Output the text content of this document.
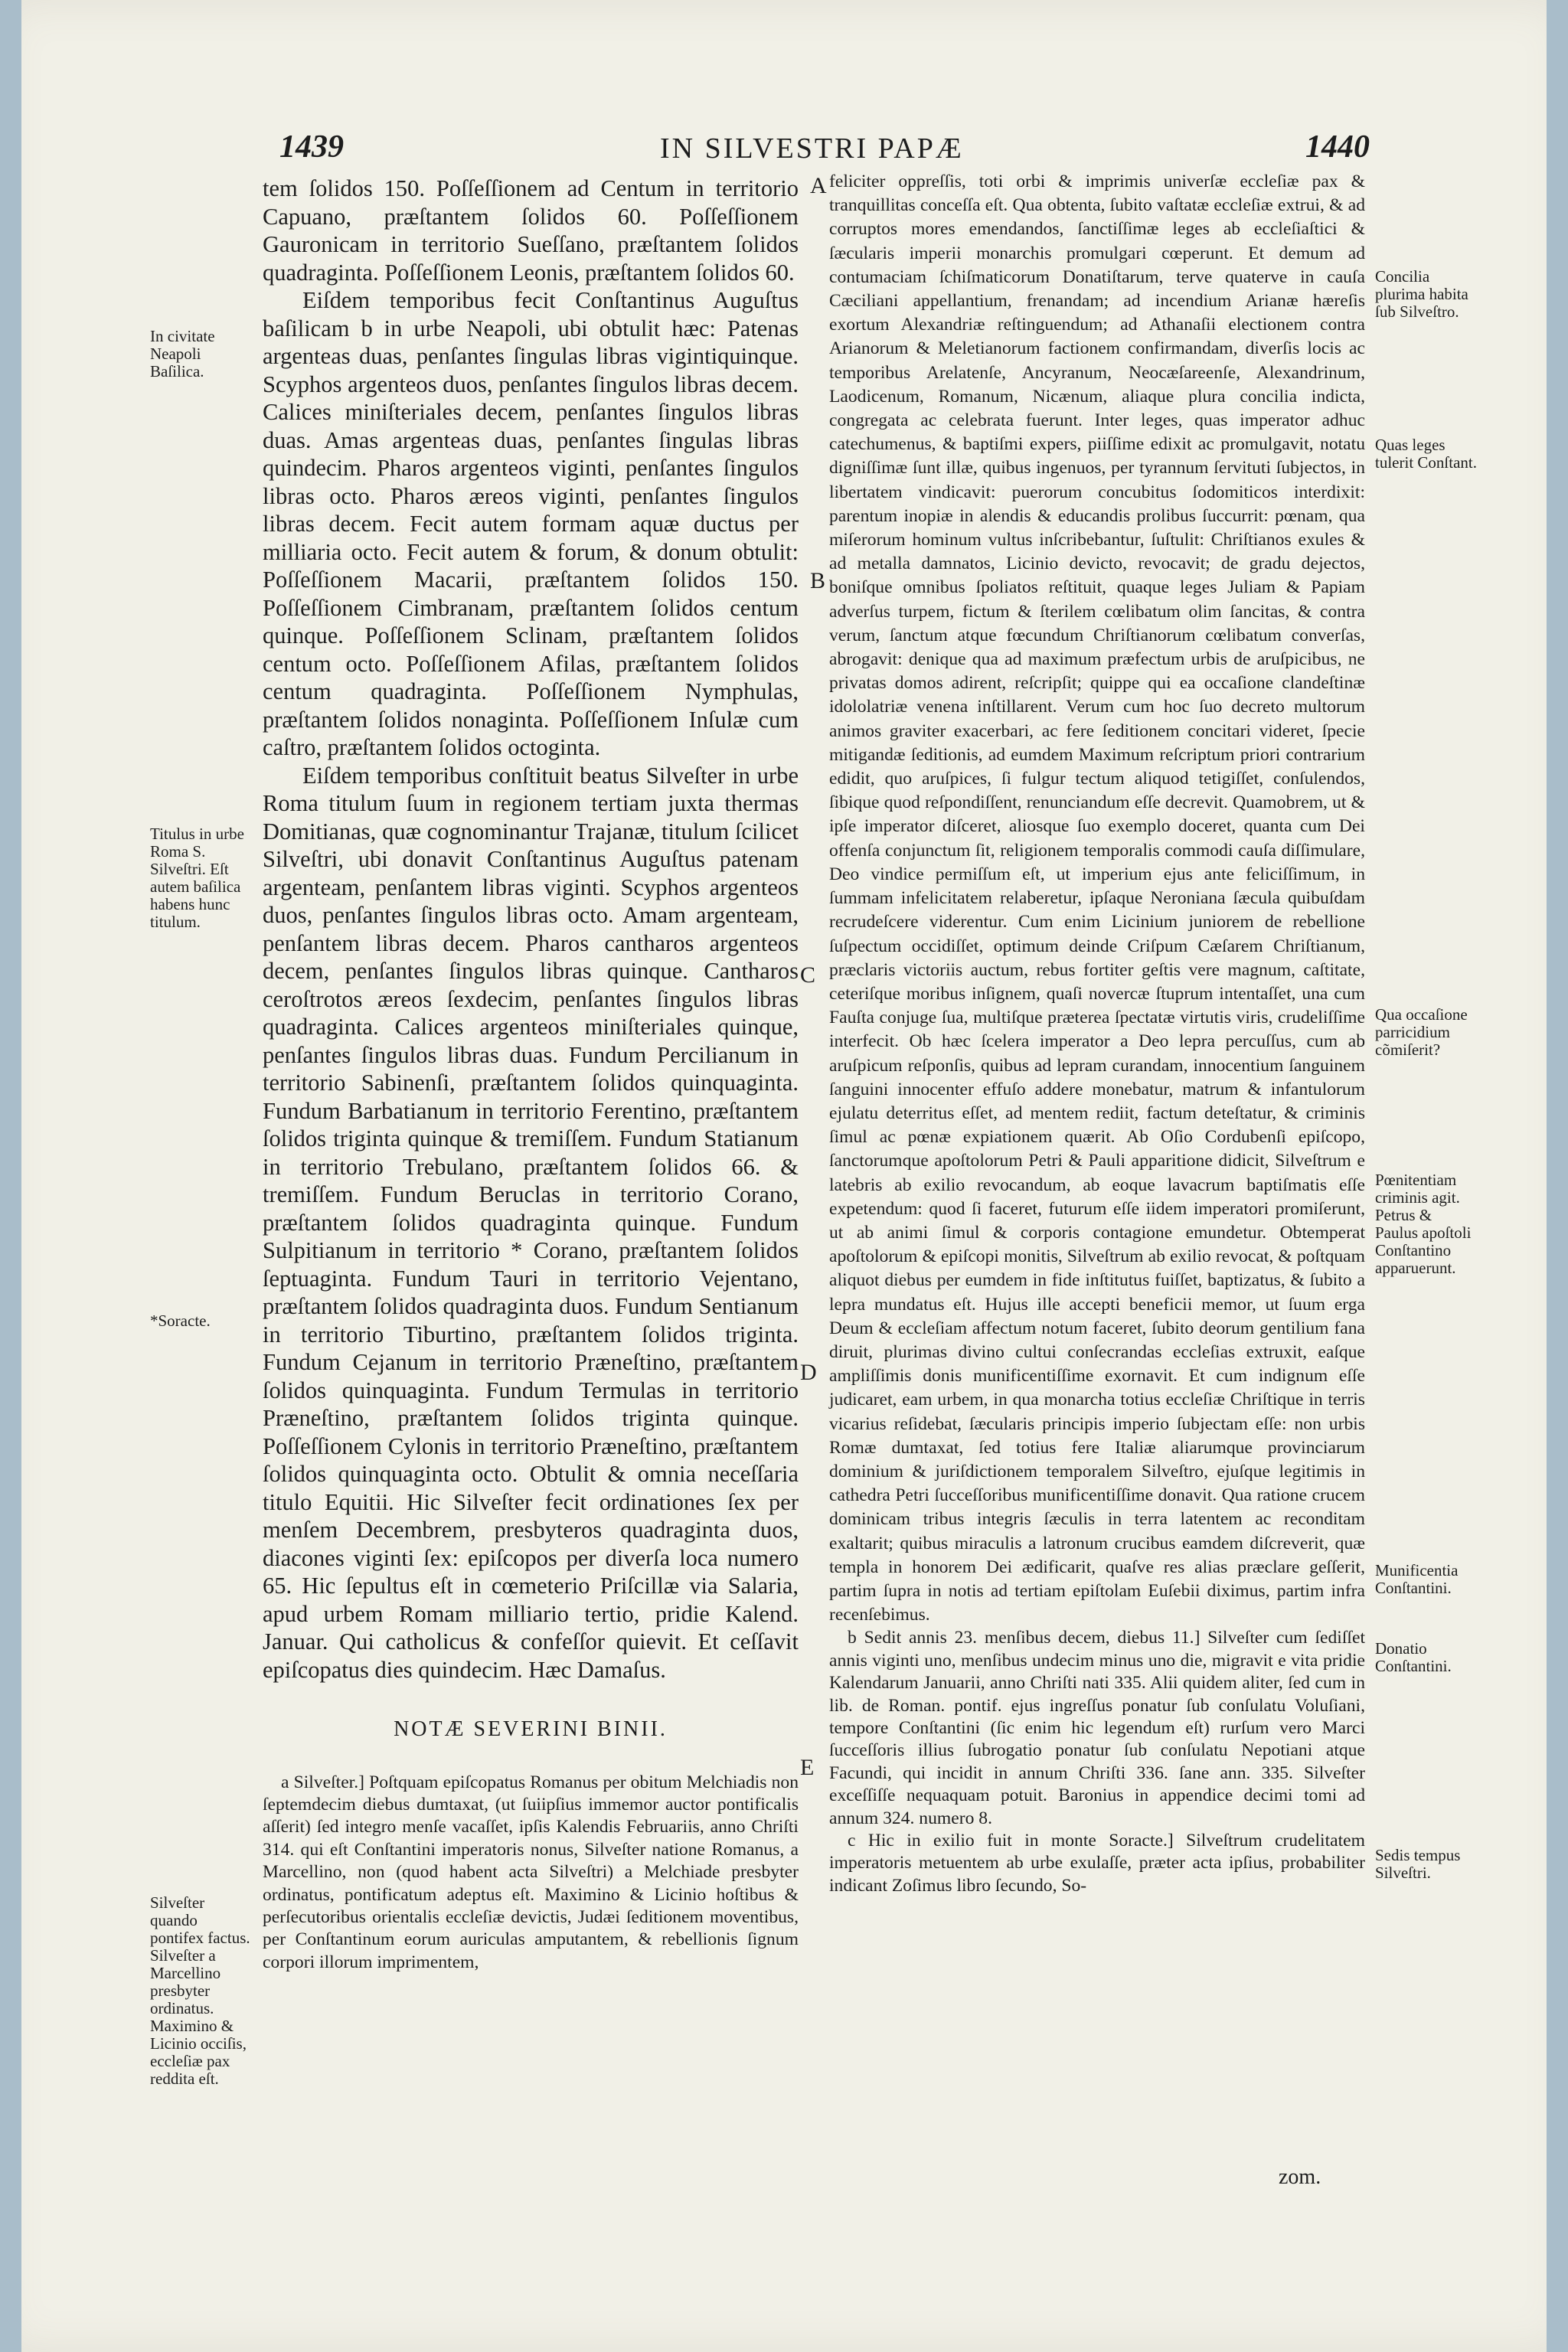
1439	IN SILVESTRI PAPÆ	1440
In civitate Neapoli Baſilica.
Titulus in urbe Roma S. Silveſtri. Eſt autem baſilica habens hunc titulum.
*Soracte.
Silveſter quando pontifex factus. Silveſter a Marcellino presbyter ordinatus. Maximino & Licinio occiſis, eccleſiæ pax reddita eſt.
Concilia plurima habita ſub Silveſtro.
Quas leges tulerit Conſtant.
Qua occaſione parricidium cõmiſerit?
Pœnitentiam criminis agit. Petrus & Paulus apoſtoli Conſtantino apparuerunt.
Munificentia Conſtantini.
Donatio Conſtantini.
Sedis tempus Silveſtri.
A
B
C
D
E

tem ſolidos 150. Poſſeſſionem ad Centum in territorio Capuano, præſtantem ſolidos 60. Poſſeſſionem Gauronicam in territorio Sueſſano, præſtantem ſolidos quadraginta. Poſſeſſionem Leonis, præſtantem ſolidos 60.

Eiſdem temporibus fecit Conſtantinus Auguſtus baſilicam b in urbe Neapoli, ubi obtulit hæc: Patenas argenteas duas, penſantes ſingulas libras vigintiquinque. Scyphos argenteos duos, penſantes ſingulos libras decem. Calices miniſteriales decem, penſantes ſingulos libras duas. Amas argenteas duas, penſantes ſingulas libras quindecim. Pharos argenteos viginti, penſantes ſingulos libras octo. Pharos æreos viginti, penſantes ſingulos libras decem. Fecit autem formam aquæ ductus per milliaria octo. Fecit autem & forum, & donum obtulit: Poſſeſſionem Macarii, præſtantem ſolidos 150. Poſſeſſionem Cimbranam, præſtantem ſolidos centum quinque. Poſſeſſionem Sclinam, præſtantem ſolidos centum octo. Poſſeſſionem Afilas, præſtantem ſolidos centum quadraginta. Poſſeſſionem Nymphulas, præſtantem ſolidos nonaginta. Poſſeſſionem Inſulæ cum caſtro, præſtantem ſolidos octoginta.

Eiſdem temporibus conſtituit beatus Silveſter in urbe Roma titulum ſuum in regionem tertiam juxta thermas Domitianas, quæ cognominantur Trajanæ, titulum ſcilicet Silveſtri, ubi donavit Conſtantinus Auguſtus patenam argenteam, penſantem libras viginti. Scyphos argenteos duos, penſantes ſingulos libras octo. Amam argenteam, penſantem libras decem. Pharos cantharos argenteos decem, penſantes ſingulos libras quinque. Cantharos ceroſtrotos æreos ſexdecim, penſantes ſingulos libras quadraginta. Calices argenteos miniſteriales quinque, penſantes ſingulos libras duas. Fundum Percilianum in territorio Sabinenſi, præſtantem ſolidos quinquaginta. Fundum Barbatianum in territorio Ferentino, præſtantem ſolidos triginta quinque & tremiſſem. Fundum Statianum in territorio Trebulano, præſtantem ſolidos 66. & tremiſſem. Fundum Beruclas in territorio Corano, præſtantem ſolidos quadraginta quinque. Fundum Sulpitianum in territorio * Corano, præſtantem ſolidos ſeptuaginta. Fundum Tauri in territorio Vejentano, præſtantem ſolidos quadraginta duos. Fundum Sentianum in territorio Tiburtino, præſtantem ſolidos triginta. Fundum Cejanum in territorio Præneſtino, præſtantem ſolidos quinquaginta. Fundum Termulas in territorio Præneſtino, præſtantem ſolidos triginta quinque. Poſſeſſionem Cylonis in territorio Præneſtino, præſtantem ſolidos quinquaginta octo. Obtulit & omnia neceſſaria titulo Equitii. Hic Silveſter fecit ordinationes ſex per menſem Decembrem, presbyteros quadraginta duos, diacones viginti ſex: epiſcopos per diverſa loca numero 65. Hic ſepultus eſt in cœmeterio Priſcillæ via Salaria, apud urbem Romam milliario tertio, pridie Kalend. Januar. Qui catholicus & confeſſor quievit. Et ceſſavit epiſcopatus dies quindecim. Hæc Damaſus.

NOTÆ SEVERINI BINII.

a Silveſter.] Poſtquam epiſcopatus Romanus per obitum Melchiadis non ſeptemdecim diebus dumtaxat, (ut ſuiipſius immemor auctor pontificalis aſſerit) ſed integro menſe vacaſſet, ipſis Kalendis Februariis, anno Chriſti 314. qui eſt Conſtantini imperatoris nonus, Silveſter natione Romanus, a Marcellino, non (quod habent acta Silveſtri) a Melchiade presbyter ordinatus, pontificatum adeptus eſt. Maximino & Licinio hoſtibus & perſecutoribus orientalis eccleſiæ devictis, Judæi ſeditionem moventibus, per Conſtantinum eorum auriculas amputantem, & rebellionis ſignum corpori illorum imprimentem,

feliciter oppreſſis, toti orbi & imprimis univerſæ eccleſiæ pax & tranquillitas conceſſa eſt. Qua obtenta, ſubito vaſtatæ eccleſiæ extrui, & ad corruptos mores emendandos, ſanctiſſimæ leges ab eccleſiaſtici & ſæcularis imperii monarchis promulgari cœperunt. Et demum ad contumaciam ſchiſmaticorum Donatiſtarum, terve quaterve in cauſa Cæciliani appellantium, frenandam; ad incendium Arianæ hæreſis exortum Alexandriæ reſtinguendum; ad Athanaſii electionem contra Arianorum & Meletianorum factionem confirmandam, diverſis locis ac temporibus Arelatenſe, Ancyranum, Neocæſareenſe, Alexandrinum, Laodicenum, Romanum, Nicænum, aliaque plura concilia indicta, congregata ac celebrata fuerunt. Inter leges, quas imperator adhuc catechumenus, & baptiſmi expers, piiſſime edixit ac promulgavit, notatu digniſſimæ ſunt illæ, quibus ingenuos, per tyrannum ſervituti ſubjectos, in libertatem vindicavit: puerorum concubitus ſodomiticos interdixit: parentum inopiæ in alendis & educandis prolibus ſuccurrit: pœnam, qua miſerorum hominum vultus inſcribebantur, ſuſtulit: Chriſtianos exules & ad metalla damnatos, Licinio devicto, revocavit; de gradu dejectos, boniſque omnibus ſpoliatos reſtituit, quaque leges Juliam & Papiam adverſus turpem, fictum & ſterilem cœlibatum olim ſancitas, & contra verum, ſanctum atque fœcundum Chriſtianorum cœlibatum converſas, abrogavit: denique qua ad maximum præfectum urbis de aruſpicibus, ne privatas domos adirent, reſcripſit; quippe qui ea occaſione clandeſtinæ idololatriæ venena inſtillarent. Verum cum hoc ſuo decreto multorum animos graviter exacerbari, ac fere ſeditionem concitari videret, ſpecie mitigandæ ſeditionis, ad eumdem Maximum reſcriptum priori contrarium edidit, quo aruſpices, ſi fulgur tectum aliquod tetigiſſet, conſulendos, ſibique quod reſpondiſſent, renunciandum eſſe decrevit. Quamobrem, ut & ipſe imperator diſceret, aliosque ſuo exemplo doceret, quanta cum Dei offenſa conjunctum ſit, religionem temporalis commodi cauſa diſſimulare, Deo vindice permiſſum eſt, ut imperium ejus ante feliciſſimum, in ſummam infelicitatem relaberetur, ipſaque Neroniana ſæcula quibuſdam recrudeſcere viderentur. Cum enim Licinium juniorem de rebellione ſuſpectum occidiſſet, optimum deinde Criſpum Cæſarem Chriſtianum, præclaris victoriis auctum, rebus fortiter geſtis vere magnum, caſtitate, ceteriſque moribus inſignem, quaſi novercæ ſtuprum intentaſſet, una cum Fauſta conjuge ſua, multiſque præterea ſpectatæ virtutis viris, crudeliſſime interfecit. Ob hæc ſcelera imperator a Deo lepra percuſſus, cum ab aruſpicum reſponſis, quibus ad lepram curandam, innocentium ſanguinem ſanguini innocenter effuſo addere monebatur, matrum & infantulorum ejulatu deterritus eſſet, ad mentem rediit, factum deteſtatur, & criminis ſimul ac pœnæ expiationem quærit. Ab Oſio Cordubenſi epiſcopo, ſanctorumque apoſtolorum Petri & Pauli apparitione didicit, Silveſtrum e latebris ab exilio revocandum, ab eoque lavacrum baptiſmatis eſſe expetendum: quod ſi faceret, futurum eſſe iidem imperatori promiſerunt, ut ab animi ſimul & corporis contagione emundetur. Obtemperat apoſtolorum & epiſcopi monitis, Silveſtrum ab exilio revocat, & poſtquam aliquot diebus per eumdem in fide inſtitutus fuiſſet, baptizatus, & ſubito a lepra mundatus eſt. Hujus ille accepti beneficii memor, ut ſuum erga Deum & eccleſiam affectum notum faceret, ſubito deorum gentilium fana diruit, plurimas divino cultui conſecrandas eccleſias extruxit, eaſque ampliſſimis donis munificentiſſime exornavit. Et cum indignum eſſe judicaret, eam urbem, in qua monarcha totius eccleſiæ Chriſtique in terris vicarius reſidebat, ſæcularis principis imperio ſubjectam eſſe: non urbis Romæ dumtaxat, ſed totius fere Italiæ aliarumque provinciarum dominium & juriſdictionem temporalem Silveſtro, ejuſque legitimis in cathedra Petri ſucceſſoribus munificentiſſime donavit. Qua ratione crucem dominicam tribus integris ſæculis in terra latentem ac reconditam exaltarit; quibus miraculis a latronum crucibus eamdem diſcreverit, quæ templa in honorem Dei ædificarit, quaſve res alias præclare geſſerit, partim ſupra in notis ad tertiam epiſtolam Euſebii diximus, partim infra recenſebimus.

b Sedit annis 23. menſibus decem, diebus 11.] Silveſter cum ſediſſet annis viginti uno, menſibus undecim minus uno die, migravit e vita pridie Kalendarum Januarii, anno Chriſti nati 335. Alii quidem aliter, ſed cum in lib. de Roman. pontif. ejus ingreſſus ponatur ſub conſulatu Voluſiani, tempore Conſtantini (ſic enim hic legendum eſt) rurſum vero Marci ſucceſſoris illius ſubrogatio ponatur ſub conſulatu Nepotiani atque Facundi, qui incidit in annum Chriſti 336. ſane ann. 335. Silveſter exceſſiſſe nequaquam potuit. Baronius in appendice decimi tomi ad annum 324. numero 8.

c Hic in exilio fuit in monte Soracte.] Silveſtrum crudelitatem imperatoris metuentem ab urbe exulaſſe, præter acta ipſius, probabiliter indicant Zoſimus libro ſecundo, So-

zom.
